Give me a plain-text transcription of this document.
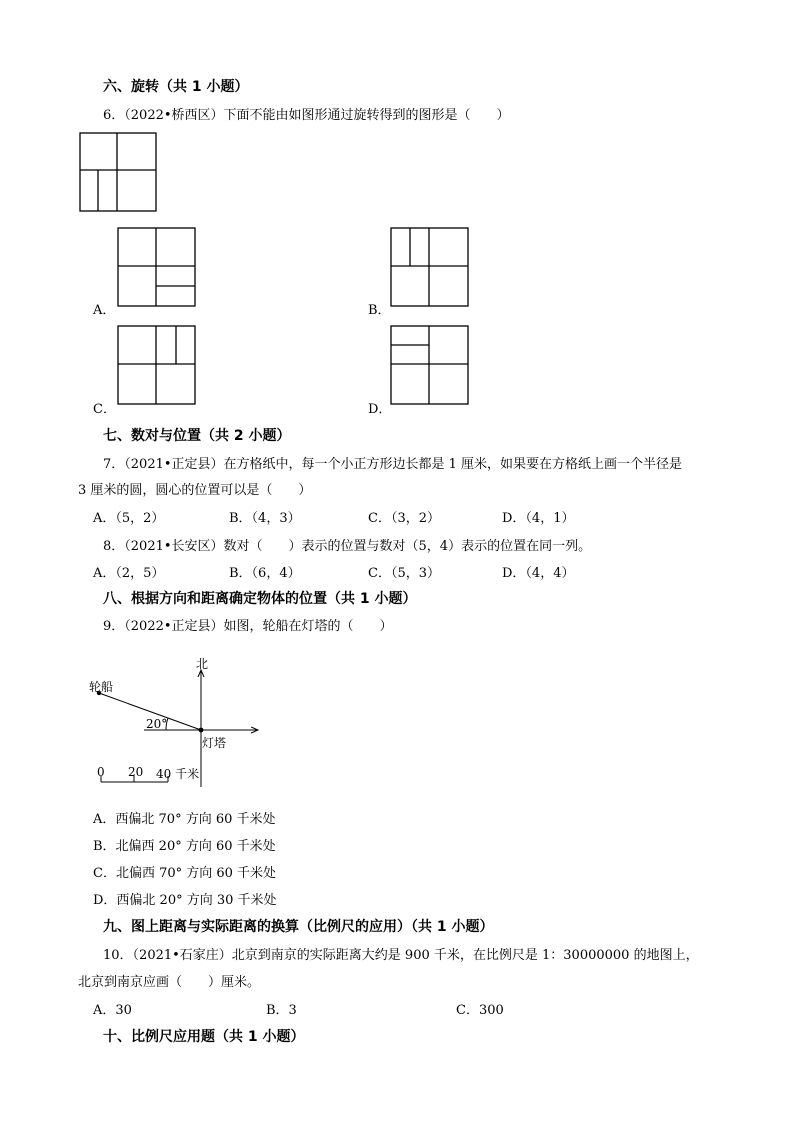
六、旋转（共 1 小题）
6．（2022•桥西区）下面不能由如图形通过旋转得到的图形是（　　）
A．	B．
C．	D．
七、数对与位置（共 2 小题）
7．（2021•正定县）在方格纸中，每一个小正方形边长都是 1 厘米，如果要在方格纸上画一个半径是
3 厘米的圆，圆心的位置可以是（　　）
A．（5，2）	B．（4，3）	C．（3，2）	D．（4，1）
8．（2021•长安区）数对（　　）表示的位置与数对（5，4）表示的位置在同一列。
A．（2，5）	B．（6，4）	C．（5，3）	D．（4，4）
八、根据方向和距离确定物体的位置（共 1 小题）
9．（2022•正定县）如图，轮船在灯塔的（　　）
北
轮船
20°
灯塔
0 20 40 千米
A．西偏北 70° 方向 60 千米处
B．北偏西 20° 方向 60 千米处
C．北偏西 70° 方向 60 千米处
D．西偏北 20° 方向 30 千米处
九、图上距离与实际距离的换算（比例尺的应用）（共 1 小题）
10．（2021•石家庄）北京到南京的实际距离大约是 900 千米，在比例尺是 1：30000000 的地图上，
北京到南京应画（　　）厘米。
A．30	B．3	C．300
十、比例尺应用题（共 1 小题）
